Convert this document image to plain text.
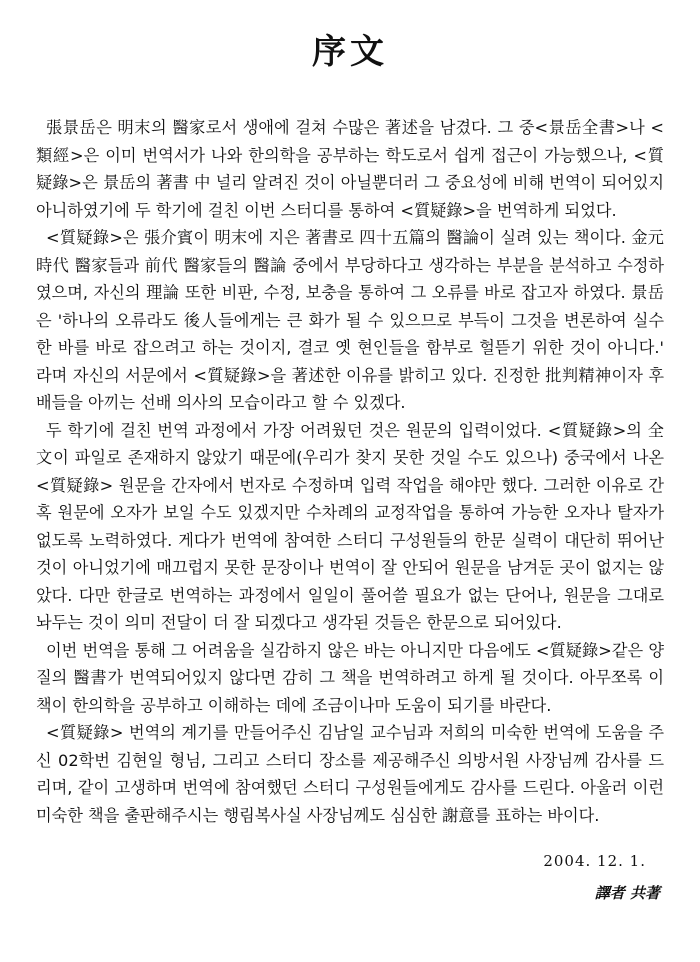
序文

張景岳은 明末의 醫家로서 생애에 걸쳐 수많은 著述을 남겼다. 그 중<景岳全書>나 <類經>은 이미 번역서가 나와 한의학을 공부하는 학도로서 쉽게 접근이 가능했으나, <質疑錄>은 景岳의 著書 中 널리 알려진 것이 아닐뿐더러 그 중요성에 비해 번역이 되어있지 아니하였기에 두 학기에 걸친 이번 스터디를 통하여 <質疑錄>을 번역하게 되었다.

<質疑錄>은 張介賓이 明末에 지은 著書로 四十五篇의 醫論이 실려 있는 책이다. 金元時代 醫家들과 前代 醫家들의 醫論 중에서 부당하다고 생각하는 부분을 분석하고 수정하였으며, 자신의 理論 또한 비판, 수정, 보충을 통하여 그 오류를 바로 잡고자 하였다. 景岳은 '하나의 오류라도 後人들에게는 큰 화가 될 수 있으므로 부득이 그것을 변론하여 실수한 바를 바로 잡으려고 하는 것이지, 결코 옛 현인들을 함부로 헐뜯기 위한 것이 아니다.' 라며 자신의 서문에서 <質疑錄>을 著述한 이유를 밝히고 있다. 진정한 批判精神이자 후배들을 아끼는 선배 의사의 모습이라고 할 수 있겠다.

두 학기에 걸친 번역 과정에서 가장 어려웠던 것은 원문의 입력이었다. <質疑錄>의 全文이 파일로 존재하지 않았기 때문에(우리가 찾지 못한 것일 수도 있으나) 중국에서 나온 <質疑錄> 원문을 간자에서 번자로 수정하며 입력 작업을 해야만 했다. 그러한 이유로 간혹 원문에 오자가 보일 수도 있겠지만 수차례의 교정작업을 통하여 가능한 오자나 탈자가 없도록 노력하였다. 게다가 번역에 참여한 스터디 구성원들의 한문 실력이 대단히 뛰어난 것이 아니었기에 매끄럽지 못한 문장이나 번역이 잘 안되어 원문을 남겨둔 곳이 없지는 않았다. 다만 한글로 번역하는 과정에서 일일이 풀어쓸 필요가 없는 단어나, 원문을 그대로 놔두는 것이 의미 전달이 더 잘 되겠다고 생각된 것들은 한문으로 되어있다.

이번 번역을 통해 그 어려움을 실감하지 않은 바는 아니지만 다음에도 <質疑錄>같은 양질의 醫書가 번역되어있지 않다면 감히 그 책을 번역하려고 하게 될 것이다. 아무쪼록 이 책이 한의학을 공부하고 이해하는 데에 조금이나마 도움이 되기를 바란다.

<質疑錄> 번역의 계기를 만들어주신 김남일 교수님과 저희의 미숙한 번역에 도움을 주신 02학번 김현일 형님, 그리고 스터디 장소를 제공해주신 의방서원 사장님께 감사를 드리며, 같이 고생하며 번역에 참여했던 스터디 구성원들에게도 감사를 드린다. 아울러 이런 미숙한 책을 출판해주시는 행림복사실 사장님께도 심심한 謝意를 표하는 바이다.

2004. 12. 1.
譯者 共著
